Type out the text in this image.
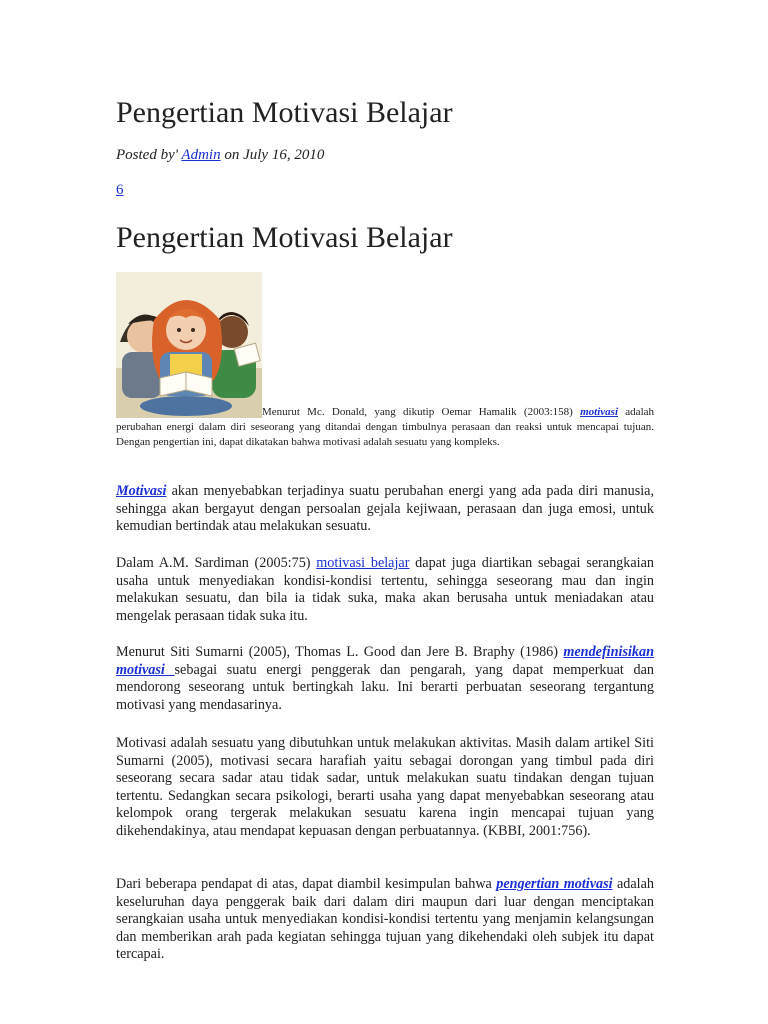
Pengertian Motivasi Belajar
Posted by' Admin on July 16, 2010
6
Pengertian Motivasi Belajar
Menurut Mc. Donald, yang dikutip Oemar Hamalik (2003:158) motivasi adalah perubahan energi dalam diri seseorang yang ditandai dengan timbulnya perasaan dan reaksi untuk mencapai tujuan. Dengan pengertian ini, dapat dikatakan bahwa motivasi adalah sesuatu yang kompleks.

Motivasi akan menyebabkan terjadinya suatu perubahan energi yang ada pada diri manusia, sehingga akan bergayut dengan persoalan gejala kejiwaan, perasaan dan juga emosi, untuk kemudian bertindak atau melakukan sesuatu.

Dalam A.M. Sardiman (2005:75) motivasi belajar dapat juga diartikan sebagai serangkaian usaha untuk menyediakan kondisi-kondisi tertentu, sehingga seseorang mau dan ingin melakukan sesuatu, dan bila ia tidak suka, maka akan berusaha untuk meniadakan atau mengelak perasaan tidak suka itu.

Menurut Siti Sumarni (2005), Thomas L. Good dan Jere B. Braphy (1986) mendefinisikan motivasi sebagai suatu energi penggerak dan pengarah, yang dapat memperkuat dan mendorong seseorang untuk bertingkah laku. Ini berarti perbuatan seseorang tergantung motivasi yang mendasarinya.

Motivasi adalah sesuatu yang dibutuhkan untuk melakukan aktivitas. Masih dalam artikel Siti Sumarni (2005), motivasi secara harafiah yaitu sebagai dorongan yang timbul pada diri seseorang secara sadar atau tidak sadar, untuk melakukan suatu tindakan dengan tujuan tertentu. Sedangkan secara psikologi, berarti usaha yang dapat menyebabkan seseorang atau kelompok orang tergerak melakukan sesuatu karena ingin mencapai tujuan yang dikehendakinya, atau mendapat kepuasan dengan perbuatannya. (KBBI, 2001:756).

Dari beberapa pendapat di atas, dapat diambil kesimpulan bahwa pengertian motivasi adalah keseluruhan daya penggerak baik dari dalam diri maupun dari luar dengan menciptakan serangkaian usaha untuk menyediakan kondisi-kondisi tertentu yang menjamin kelangsungan dan memberikan arah pada kegiatan sehingga tujuan yang dikehendaki oleh subjek itu dapat tercapai.
